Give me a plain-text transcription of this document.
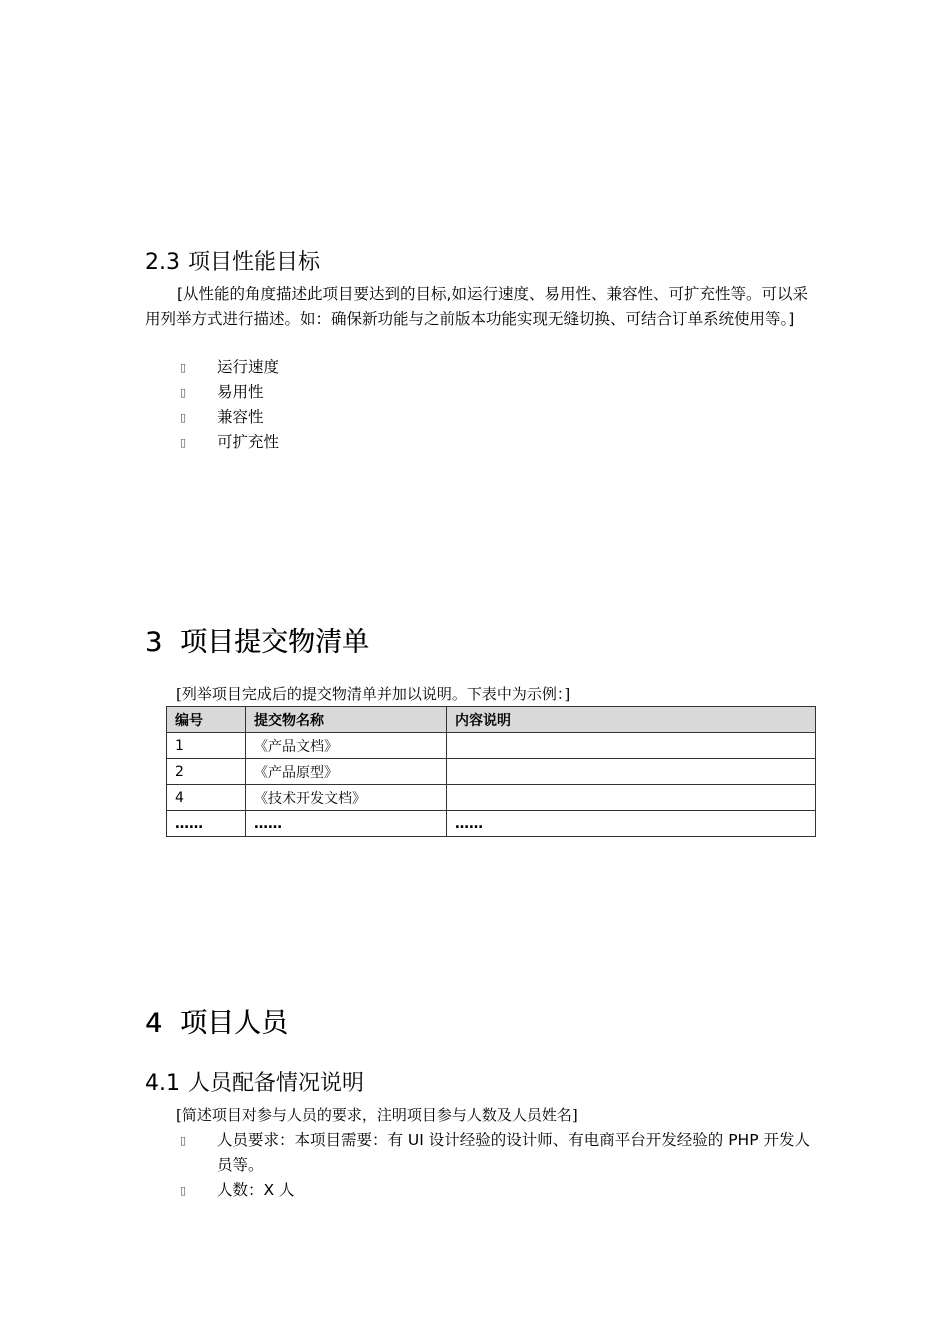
2.3 项目性能目标
[从性能的角度描述此项目要达到的目标,如运行速度、易用性、兼容性、可扩充性等。可以采用列举方式进行描述。如：确保新功能与之前版本功能实现无缝切换、可结合订单系统使用等。]
▯ 运行速度
▯ 易用性
▯ 兼容性
▯ 可扩充性
3 项目提交物清单
[列举项目完成后的提交物清单并加以说明。下表中为示例：]
编号	提交物名称	内容说明
1	《产品文档》	
2	《产品原型》	
4	《技术开发文档》	
……	……	……
4 项目人员
4.1 人员配备情况说明
[简述项目对参与人员的要求，注明项目参与人数及人员姓名]
▯ 人员要求：本项目需要：有 UI 设计经验的设计师、有电商平台开发经验的 PHP 开发人员等。
▯ 人数：X 人
